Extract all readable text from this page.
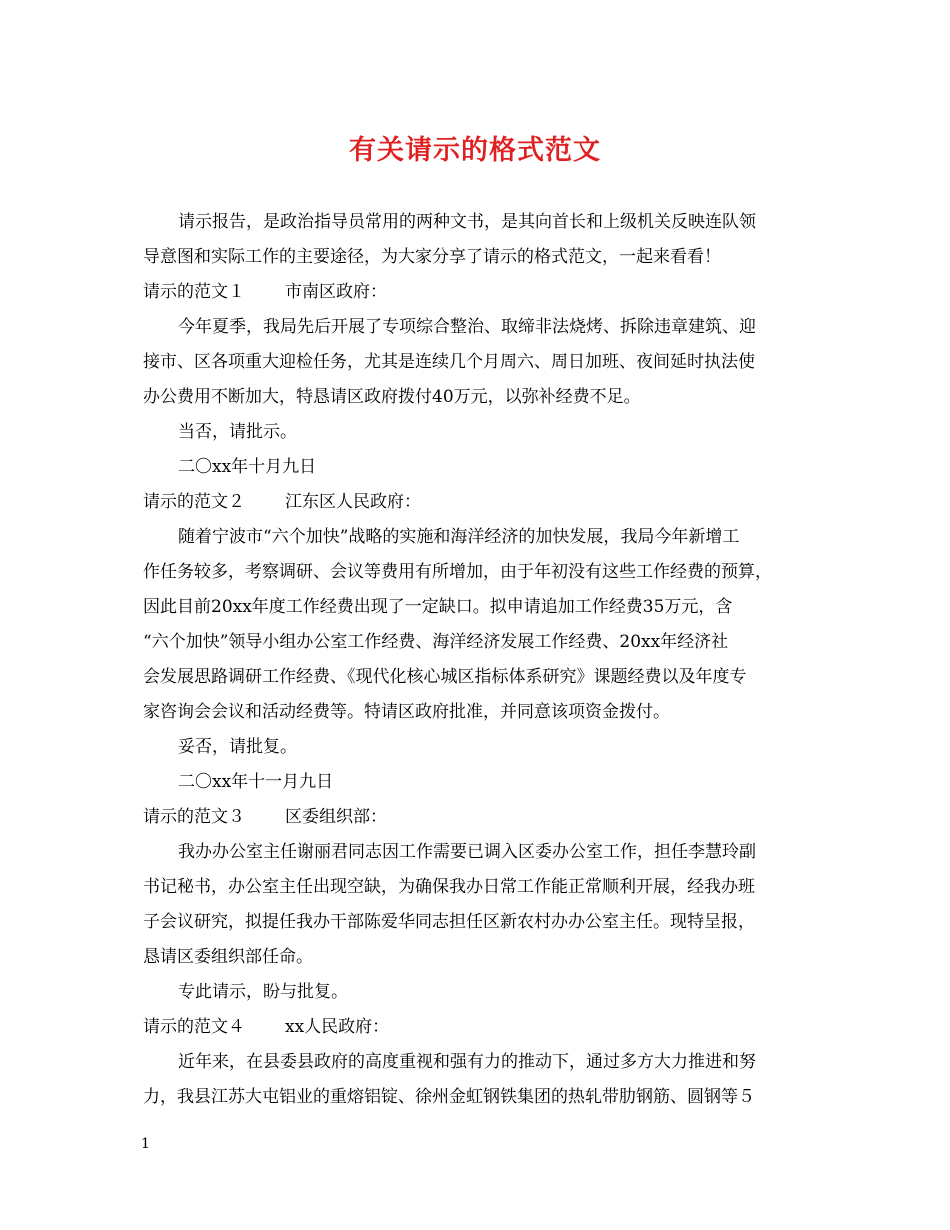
有关请示的格式范文
请示报告，是政治指导员常用的两种文书，是其向首长和上级机关反映连队领
导意图和实际工作的主要途径，为大家分享了请示的格式范文，一起来看看！
请示的范文１ 市南区政府：
今年夏季，我局先后开展了专项综合整治、取缔非法烧烤、拆除违章建筑、迎
接市、区各项重大迎检任务，尤其是连续几个月周六、周日加班、夜间延时执法使
办公费用不断加大，特恳请区政府拨付40万元，以弥补经费不足。
当否，请批示。
二〇xx年十月九日
请示的范文２ 江东区人民政府：
随着宁波市“六个加快”战略的实施和海洋经济的加快发展，我局今年新增工
作任务较多，考察调研、会议等费用有所增加，由于年初没有这些工作经费的预算，
因此目前20xx年度工作经费出现了一定缺口。拟申请追加工作经费35万元，含
“六个加快”领导小组办公室工作经费、海洋经济发展工作经费、20xx年经济社
会发展思路调研工作经费、《现代化核心城区指标体系研究》课题经费以及年度专
家咨询会会议和活动经费等。特请区政府批准，并同意该项资金拨付。
妥否，请批复。
二〇xx年十一月九日
请示的范文３ 区委组织部：
我办办公室主任谢丽君同志因工作需要已调入区委办公室工作，担任李慧玲副
书记秘书，办公室主任出现空缺，为确保我办日常工作能正常顺利开展，经我办班
子会议研究，拟提任我办干部陈爱华同志担任区新农村办办公室主任。现特呈报，
恳请区委组织部任命。
专此请示，盼与批复。
请示的范文４ xx人民政府：
近年来，在县委县政府的高度重视和强有力的推动下，通过多方大力推进和努
力，我县江苏大屯铝业的重熔铝锭、徐州金虹钢铁集团的热轧带肋钢筋、圆钢等５
1
